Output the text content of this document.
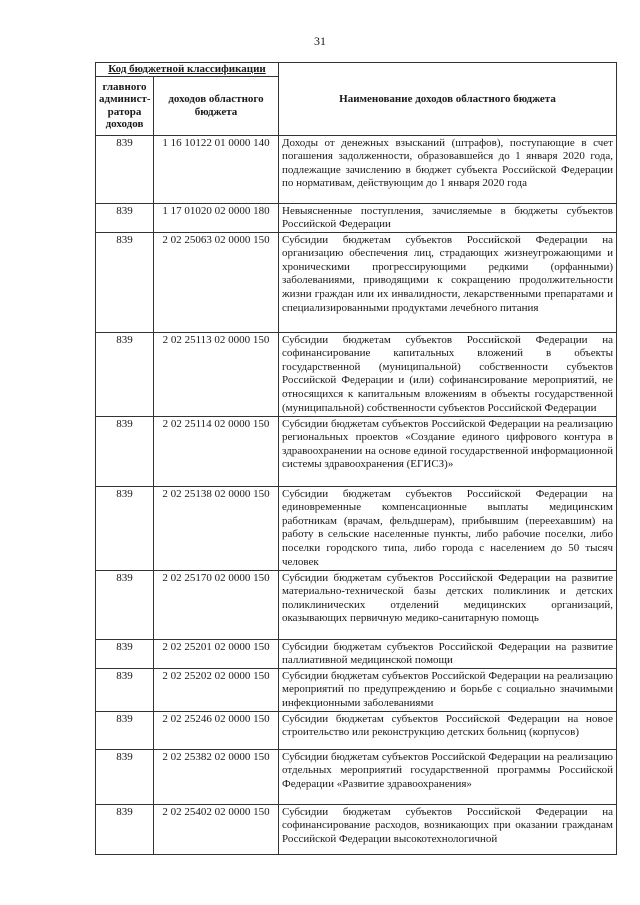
31
Код бюджетной классификации		Наименование доходов областного бюджета
главного админист-ратора доходов	доходов областного бюджета	
839	1 16 10122 01 0000 140	Доходы от денежных взысканий (штрафов), поступающие в счет погашения задолженности, образовавшейся до 1 января 2020 года, подлежащие зачислению в бюджет субъекта Российской Федерации по нормативам, действующим до 1 января 2020 года
839	1 17 01020 02 0000 180	Невыясненные поступления, зачисляемые в бюджеты субъектов Российской Федерации
839	2 02 25063 02 0000 150	Субсидии бюджетам субъектов Российской Федерации на организацию обеспечения лиц, страдающих жизнеугрожающими и хроническими прогрессирующими редкими (орфанными) заболеваниями, приводящими к сокращению продолжительности жизни граждан или их инвалидности, лекарственными препаратами и специализированными продуктами лечебного питания
839	2 02 25113 02 0000 150	Субсидии бюджетам субъектов Российской Федерации на софинансирование капитальных вложений в объекты государственной (муниципальной) собственности субъектов Российской Федерации и (или) софинансирование мероприятий, не относящихся к капитальным вложениям в объекты государственной (муниципальной) собственности субъектов Российской Федерации
839	2 02 25114 02 0000 150	Субсидии бюджетам субъектов Российской Федерации на реализацию региональных проектов «Создание единого цифрового контура в здравоохранении на основе единой государственной информационной системы здравоохранения (ЕГИСЗ)»
839	2 02 25138 02 0000 150	Субсидии бюджетам субъектов Российской Федерации на единовременные компенсационные выплаты медицинским работникам (врачам, фельдшерам), прибывшим (переехавшим) на работу в сельские населенные пункты, либо рабочие поселки, либо поселки городского типа, либо города с населением до 50 тысяч человек
839	2 02 25170 02 0000 150	Субсидии бюджетам субъектов Российской Федерации на развитие материально-технической базы детских поликлиник и детских поликлинических отделений медицинских организаций, оказывающих первичную медико-санитарную помощь
839	2 02 25201 02 0000 150	Субсидии бюджетам субъектов Российской Федерации на развитие паллиативной медицинской помощи
839	2 02 25202 02 0000 150	Субсидии бюджетам субъектов Российской Федерации на реализацию мероприятий по предупреждению и борьбе с социально значимыми инфекционными заболеваниями
839	2 02 25246 02 0000 150	Субсидии бюджетам субъектов Российской Федерации на новое строительство или реконструкцию детских больниц (корпусов)
839	2 02 25382 02 0000 150	Субсидии бюджетам субъектов Российской Федерации на реализацию отдельных мероприятий государственной программы Российской Федерации «Развитие здравоохранения»
839	2 02 25402 02 0000 150	Субсидии бюджетам субъектов Российской Федерации на софинансирование расходов, возникающих при оказании гражданам Российской Федерации высокотехнологичной
